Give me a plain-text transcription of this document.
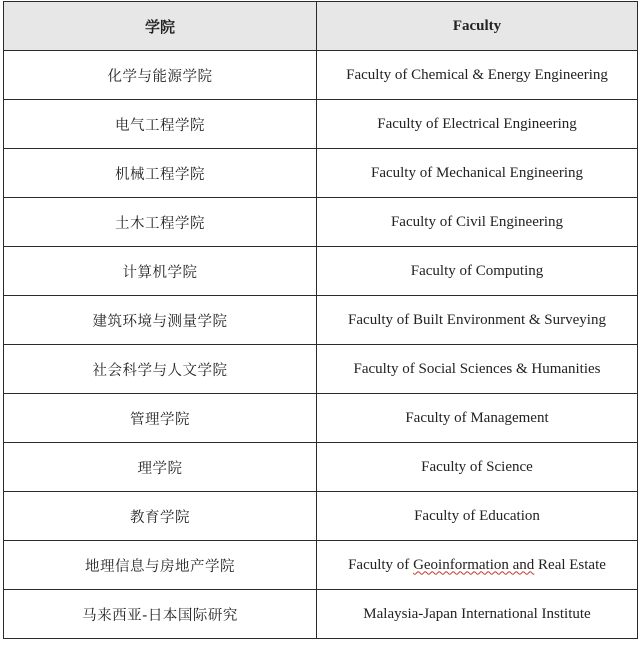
学院	Faculty
化学与能源学院	Faculty of Chemical & Energy Engineering
电气工程学院	Faculty of Electrical Engineering
机械工程学院	Faculty of Mechanical Engineering
土木工程学院	Faculty of Civil Engineering
计算机学院	Faculty of Computing
建筑环境与测量学院	Faculty of Built Environment & Surveying
社会科学与人文学院	Faculty of Social Sciences & Humanities
管理学院	Faculty of Management
理学院	Faculty of Science
教育学院	Faculty of Education
地理信息与房地产学院	Faculty of Geoinformation and Real Estate
马来西亚-日本国际研究	Malaysia-Japan International Institute
